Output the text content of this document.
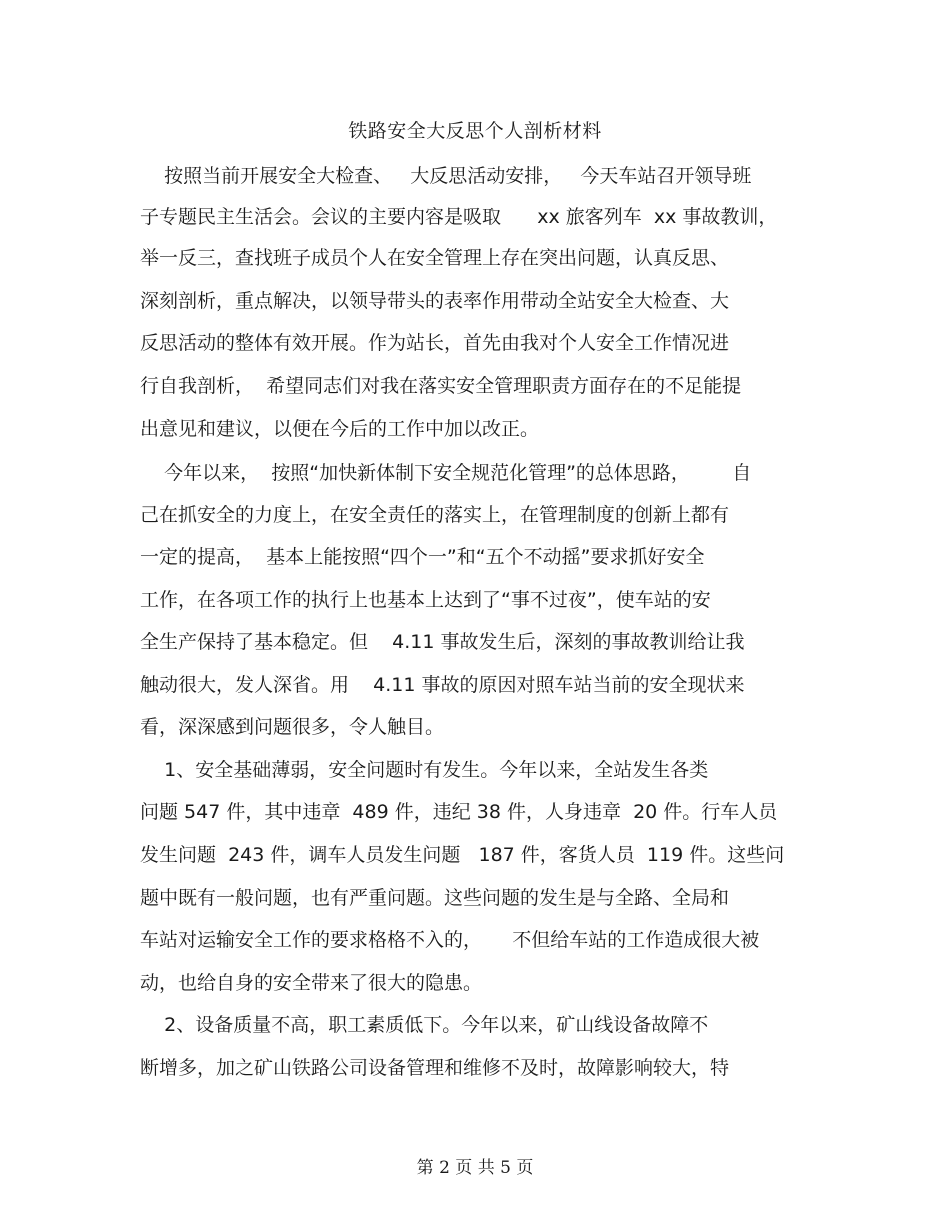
铁路安全大反思个人剖析材料
按照当前开展安全大检查、   大反思活动安排，   今天车站召开领导班
子专题民主生活会。会议的主要内容是吸取      xx 旅客列车  xx 事故教训，
举一反三，查找班子成员个人在安全管理上存在突出问题，认真反思、
深刻剖析，重点解决，以领导带头的表率作用带动全站安全大检查、大
反思活动的整体有效开展。作为站长，首先由我对个人安全工作情况进
行自我剖析，  希望同志们对我在落实安全管理职责方面存在的不足能提
出意见和建议，以便在今后的工作中加以改正。
今年以来，  按照“加快新体制下安全规范化管理”的总体思路，       自
己在抓安全的力度上，在安全责任的落实上，在管理制度的创新上都有
一定的提高，  基本上能按照“四个一”和“五个不动摇”要求抓好安全
工作，在各项工作的执行上也基本上达到了“事不过夜”，使车站的安
全生产保持了基本稳定。但    4.11 事故发生后，深刻的事故教训给让我
触动很大，发人深省。用    4.11 事故的原因对照车站当前的安全现状来
看，深深感到问题很多，令人触目。
1、安全基础薄弱，安全问题时有发生。今年以来，全站发生各类
问题 547 件，其中违章  489 件，违纪 38 件，人身违章  20 件。行车人员
发生问题  243 件，调车人员发生问题   187 件，客货人员  119 件。这些问
题中既有一般问题，也有严重问题。这些问题的发生是与全路、全局和
车站对运输安全工作的要求格格不入的，     不但给车站的工作造成很大被
动，也给自身的安全带来了很大的隐患。
2、设备质量不高，职工素质低下。今年以来，矿山线设备故障不
断增多，加之矿山铁路公司设备管理和维修不及时，故障影响较大，特
第 2 页 共 5 页
